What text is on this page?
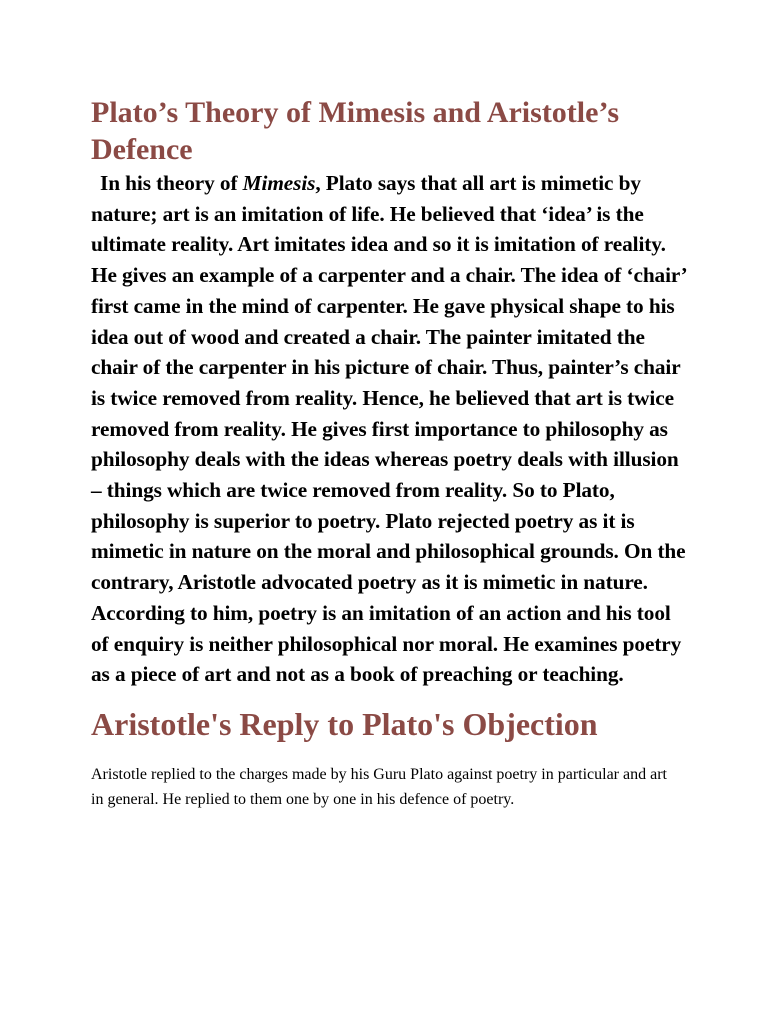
Plato’s Theory of Mimesis and Aristotle’s Defence

In his theory of Mimesis, Plato says that all art is mimetic by nature; art is an imitation of life. He believed that ‘idea’ is the ultimate reality. Art imitates idea and so it is imitation of reality. He gives an example of a carpenter and a chair. The idea of ‘chair’ first came in the mind of carpenter. He gave physical shape to his idea out of wood and created a chair. The painter imitated the chair of the carpenter in his picture of chair. Thus, painter’s chair is twice removed from reality. Hence, he believed that art is twice removed from reality. He gives first importance to philosophy as philosophy deals with the ideas whereas poetry deals with illusion – things which are twice removed from reality. So to Plato, philosophy is superior to poetry. Plato rejected poetry as it is mimetic in nature on the moral and philosophical grounds. On the contrary, Aristotle advocated poetry as it is mimetic in nature. According to him, poetry is an imitation of an action and his tool of enquiry is neither philosophical nor moral. He examines poetry as a piece of art and not as a book of preaching or teaching.

Aristotle's Reply to Plato's Objection

Aristotle replied to the charges made by his Guru Plato against poetry in particular and art in general. He replied to them one by one in his defence of poetry.
